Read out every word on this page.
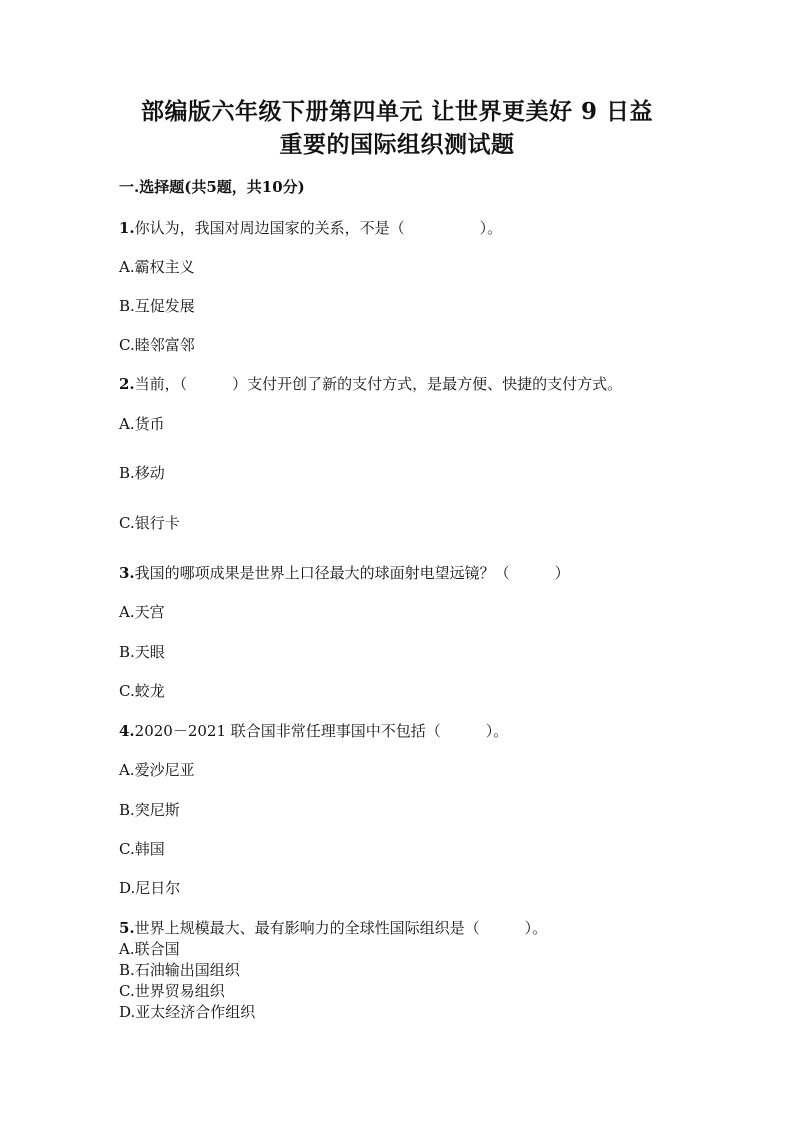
部编版六年级下册第四单元 让世界更美好 9 日益
重要的国际组织测试题
一.选择题(共5题，共10分)
1.你认为，我国对周边国家的关系，不是（　　　　　）。
A.霸权主义
B.互促发展
C.睦邻富邻
2.当前，（　　　）支付开创了新的支付方式，是最方便、快捷的支付方式。
A.货币
B.移动
C.银行卡
3.我国的哪项成果是世界上口径最大的球面射电望远镜？（　　　）
A.天宫
B.天眼
C.蛟龙
4.2020－2021 联合国非常任理事国中不包括（　　　）。
A.爱沙尼亚
B.突尼斯
C.韩国
D.尼日尔
5.世界上规模最大、最有影响力的全球性国际组织是（　　　）。
A.联合国
B.石油输出国组织
C.世界贸易组织
D.亚太经济合作组织
